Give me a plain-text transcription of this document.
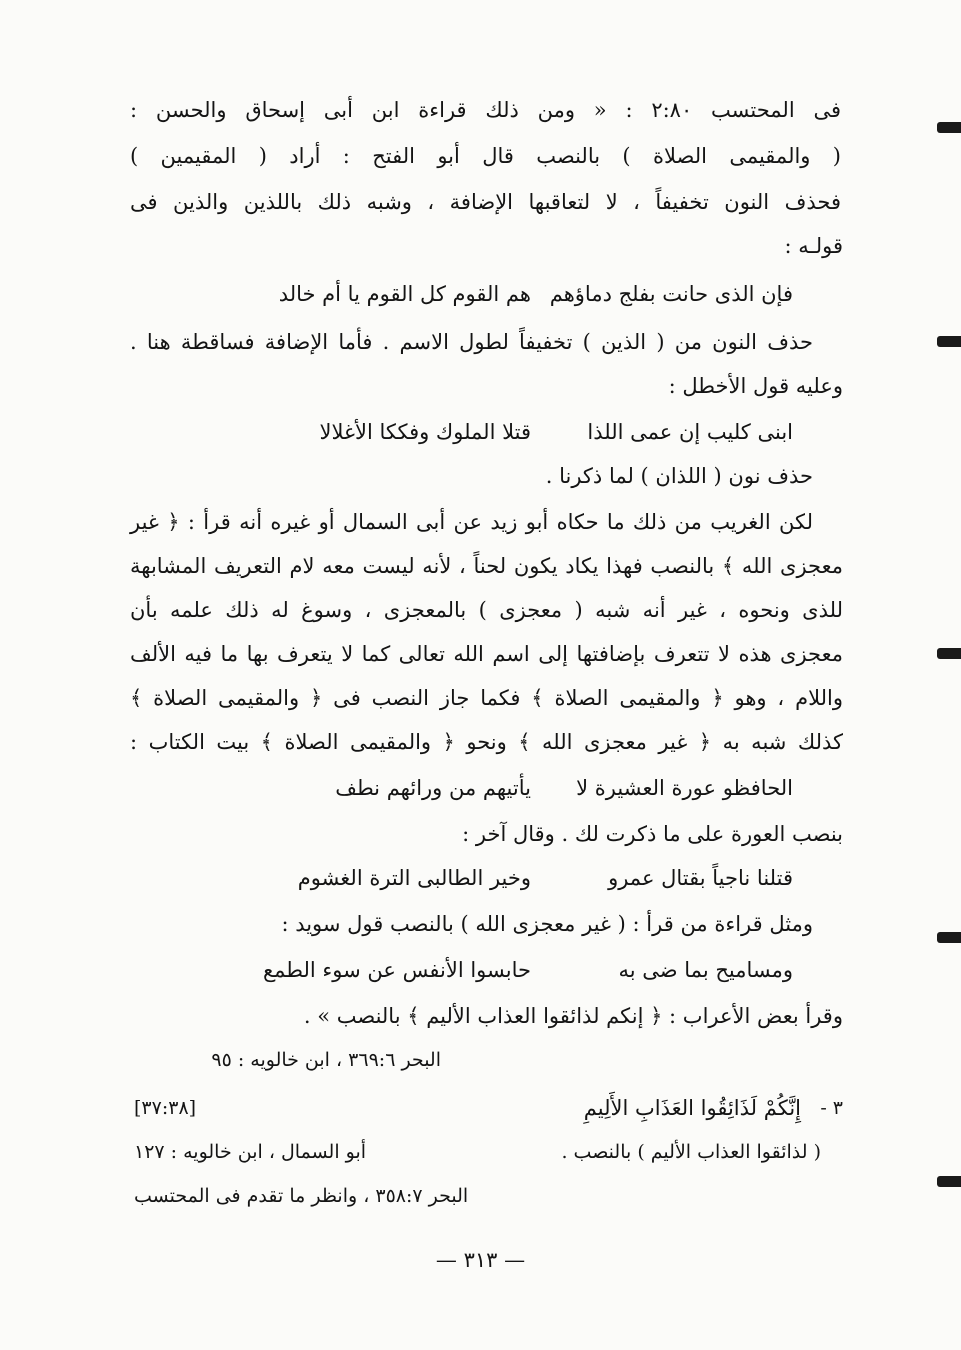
فى المحتسب ٢:٨٠ : « ومن ذلك قراءة ابن أبى إسحاق والحسن :
( والمقيمى الصلاة ) بالنصب قال أبو الفتح : أراد ( المقيمين )
فحذف النون تخفيفاً ، لا لتعاقبها الإضافة ، وشبه ذلك باللذين والذين فى
قولـه :
فإن الذى حانت بفلج دماؤهم
هم القوم كل القوم يا أم خالد
حذف النون من ( الذين ) تخفيفاً لطول الاسم . فأما الإضافة فساقطة هنا .
وعليه قول الأخطل :
ابنى كليب إن عمى اللذا
قتلا الملوك وفككا الأغلالا
حذف نون ( اللذان ) لما ذكرنا .
لكن الغريب من ذلك ما حكاه أبو زيد عن أبى السمال أو غيره أنه قرأ : ﴿ غير
معجزى الله ﴾ بالنصب فهذا يكاد يكون لحناً ، لأنه ليست معه لام التعريف المشابهة
للذى ونحوه ، غير أنه شبه ( معجزى ) بالمعجزى ، وسوغ له ذلك علمه بأن
معجزى هذه لا تتعرف بإضافتها إلى اسم الله تعالى كما لا يتعرف بها ما فيه الألف
واللام ، وهو ﴿ والمقيمى الصلاة ﴾ فكما جاز النصب فى ﴿ والمقيمى الصلاة ﴾
كذلك شبه به ﴿ غير معجزى الله ﴾ ونحو ﴿ والمقيمى الصلاة ﴾ بيت الكتاب :
الحافظو عورة العشيرة لا
يأتيهم من ورائهم نطف
بنصب العورة على ما ذكرت لك . وقال آخر :
قتلنا ناجياً بقتال عمرو
وخير الطالبى الترة الغشوم
ومثل قراءة من قرأ : ( غير معجزى الله ) بالنصب قول سويد :
ومساميح بما ضى به
حابسوا الأنفس عن سوء الطمع
وقرأ بعض الأعراب : ﴿ إنكم لذائقوا العذاب الأليم ﴾ بالنصب » .
البحر ٣٦٩:٦ ، ابن خالويه : ٩٥
٣ -
إِنَّكُمْ لَذَائِقُوا العَذَابِ الأَلِيمِ
[٣٧:٣٨]
( لذائقوا العذاب الأليم ) بالنصب .
أبو السمال ، ابن خالويه : ١٢٧
البحر ٣٥٨:٧ ، وانظر ما تقدم فى المحتسب
— ٣١٣ —
